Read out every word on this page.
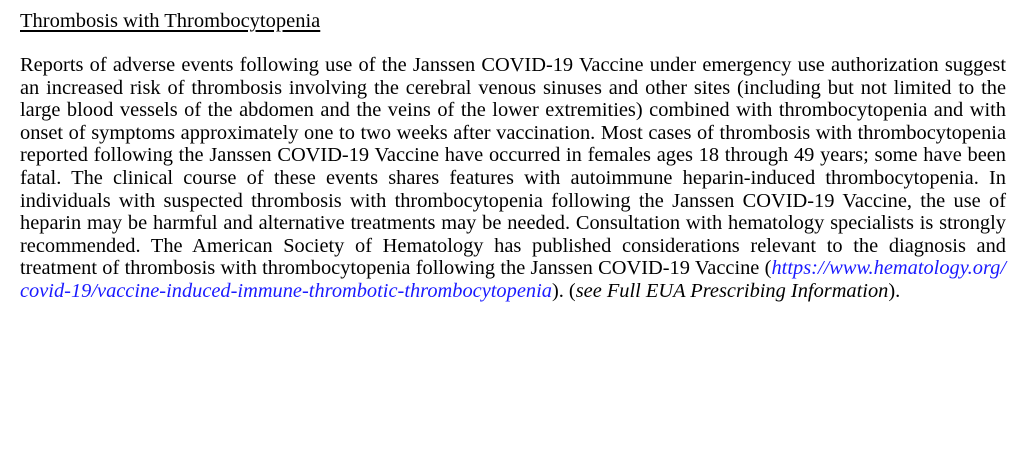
Thrombosis with Thrombocytopenia

Reports of adverse events following use of the Janssen COVID-19 Vaccine under emergency use authorization suggest an increased risk of thrombosis involving the cerebral venous sinuses and other sites (including but not limited to the large blood vessels of the abdomen and the veins of the lower extremities) combined with thrombocytopenia and with onset of symptoms approximately one to two weeks after vaccination. Most cases of thrombosis with thrombocytopenia reported following the Janssen COVID-19 Vaccine have occurred in females ages 18 through 49 years; some have been fatal. The clinical course of these events shares features with autoimmune heparin-induced thrombocytopenia. In individuals with suspected thrombosis with thrombocytopenia following the Janssen COVID-19 Vaccine, the use of heparin may be harmful and alternative treatments may be needed. Consultation with hematology specialists is strongly recommended. The American Society of Hematology has published considerations relevant to the diagnosis and treatment of thrombosis with thrombocytopenia following the Janssen COVID-19 Vaccine (https://www.hematology.org/covid-19/vaccine-induced-immune-thrombotic-thrombocytopenia). (see Full EUA Prescribing Information).
